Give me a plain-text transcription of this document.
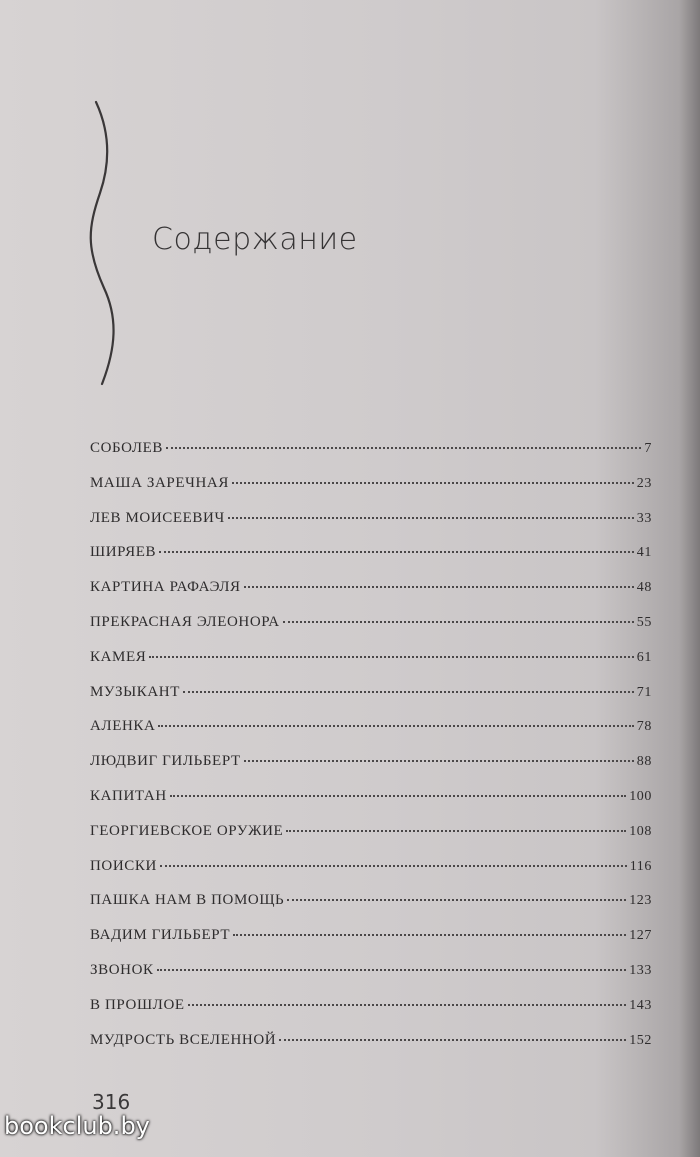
Содержание
СОБОЛЕВ	7
МАША ЗАРЕЧНАЯ	23
ЛЕВ МОИСЕЕВИЧ	33
ШИРЯЕВ	41
КАРТИНА РАФАЭЛЯ	48
ПРЕКРАСНАЯ ЭЛЕОНОРА	55
КАМЕЯ	61
МУЗЫКАНТ	71
АЛЕНКА	78
ЛЮДВИГ ГИЛЬБЕРТ	88
КАПИТАН	100
ГЕОРГИЕВСКОЕ ОРУЖИЕ	108
ПОИСКИ	116
ПАШКА НАМ В ПОМОЩЬ	123
ВАДИМ ГИЛЬБЕРТ	127
ЗВОНОК	133
В ПРОШЛОЕ	143
МУДРОСТЬ ВСЕЛЕННОЙ	152
316
bookclub.by
